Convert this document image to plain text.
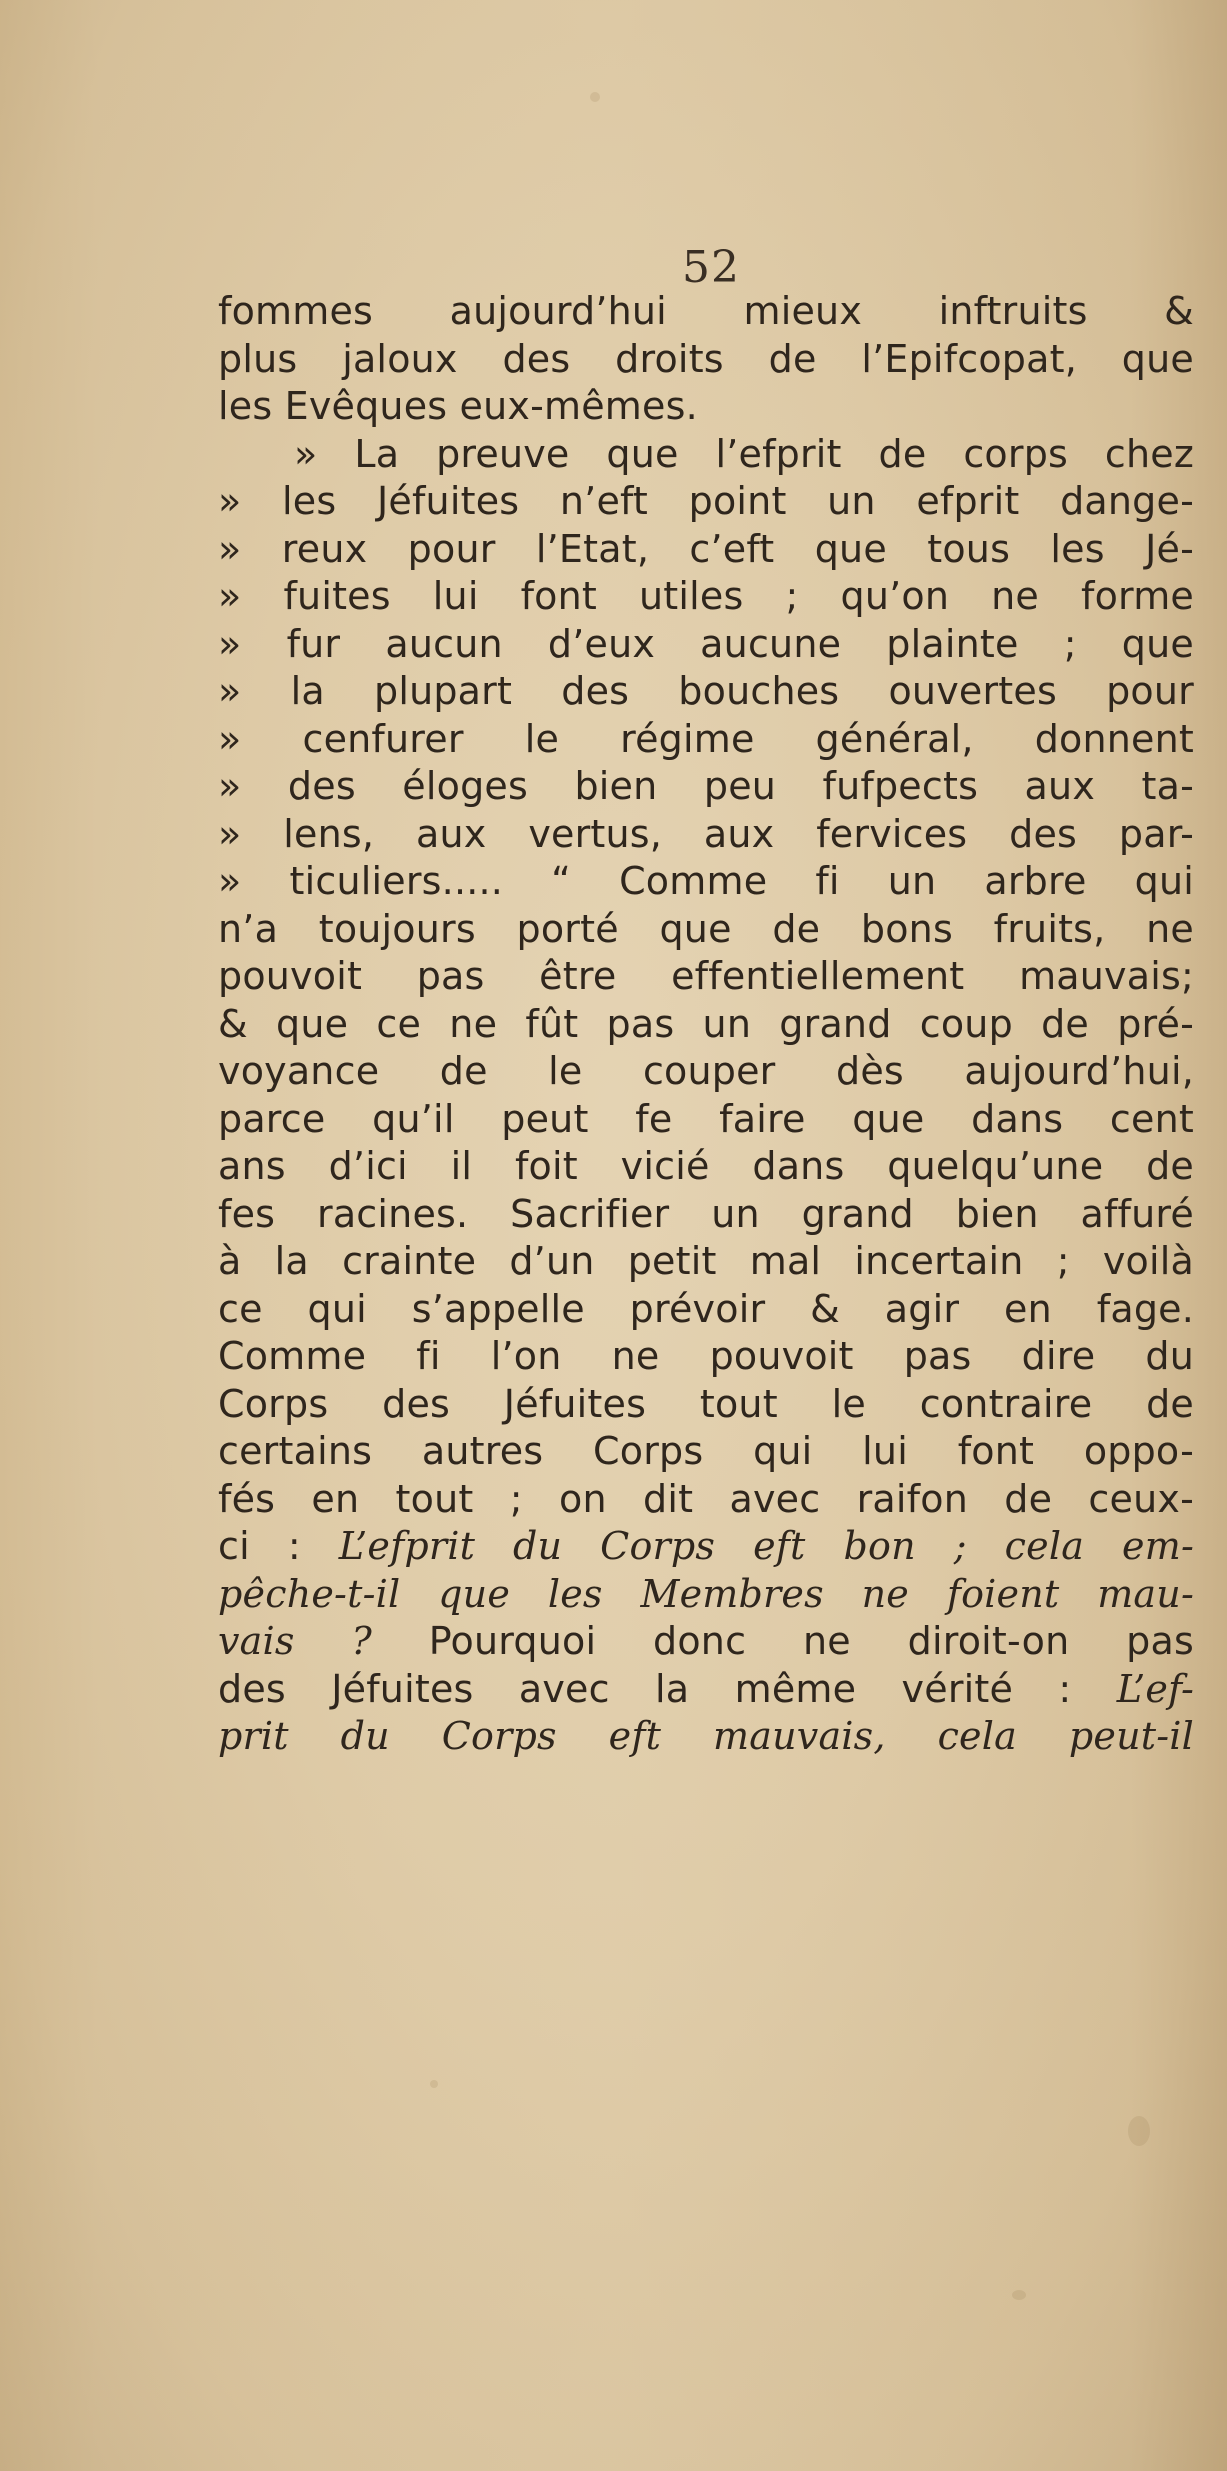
52
fommes aujourd’hui mieux inftruits &
plus jaloux des droits de l’Epifcopat, que
les Evêques eux-mêmes.
» La preuve que l’efprit de corps chez
» les Jéfuites n’eft point un efprit dange-
» reux pour l’Etat, c’eft que tous les Jé-
» fuites lui font utiles ; qu’on ne forme
» fur aucun d’eux aucune plainte ; que
» la plupart des bouches ouvertes pour
» cenfurer le régime général, donnent
» des éloges bien peu fufpects aux ta-
» lens, aux vertus, aux fervices des par-
» ticuliers..... “ Comme fi un arbre qui
n’a toujours porté que de bons fruits, ne
pouvoit pas être effentiellement mauvais;
& que ce ne fût pas un grand coup de pré-
voyance de le couper dès aujourd’hui,
parce qu’il peut fe faire que dans cent
ans d’ici il foit vicié dans quelqu’une de
fes racines. Sacrifier un grand bien affuré
à la crainte d’un petit mal incertain ; voilà
ce qui s’appelle prévoir & agir en fage.
Comme fi l’on ne pouvoit pas dire du
Corps des Jéfuites tout le contraire de
certains autres Corps qui lui font oppo-
fés en tout ; on dit avec raifon de ceux-
ci : L’efprit du Corps eft bon ; cela em-
pêche-t-il que les Membres ne foient mau-
vais ? Pourquoi donc ne diroit-on pas
des Jéfuites avec la même vérité : L’ef-
prit du Corps eft mauvais, cela peut-il
